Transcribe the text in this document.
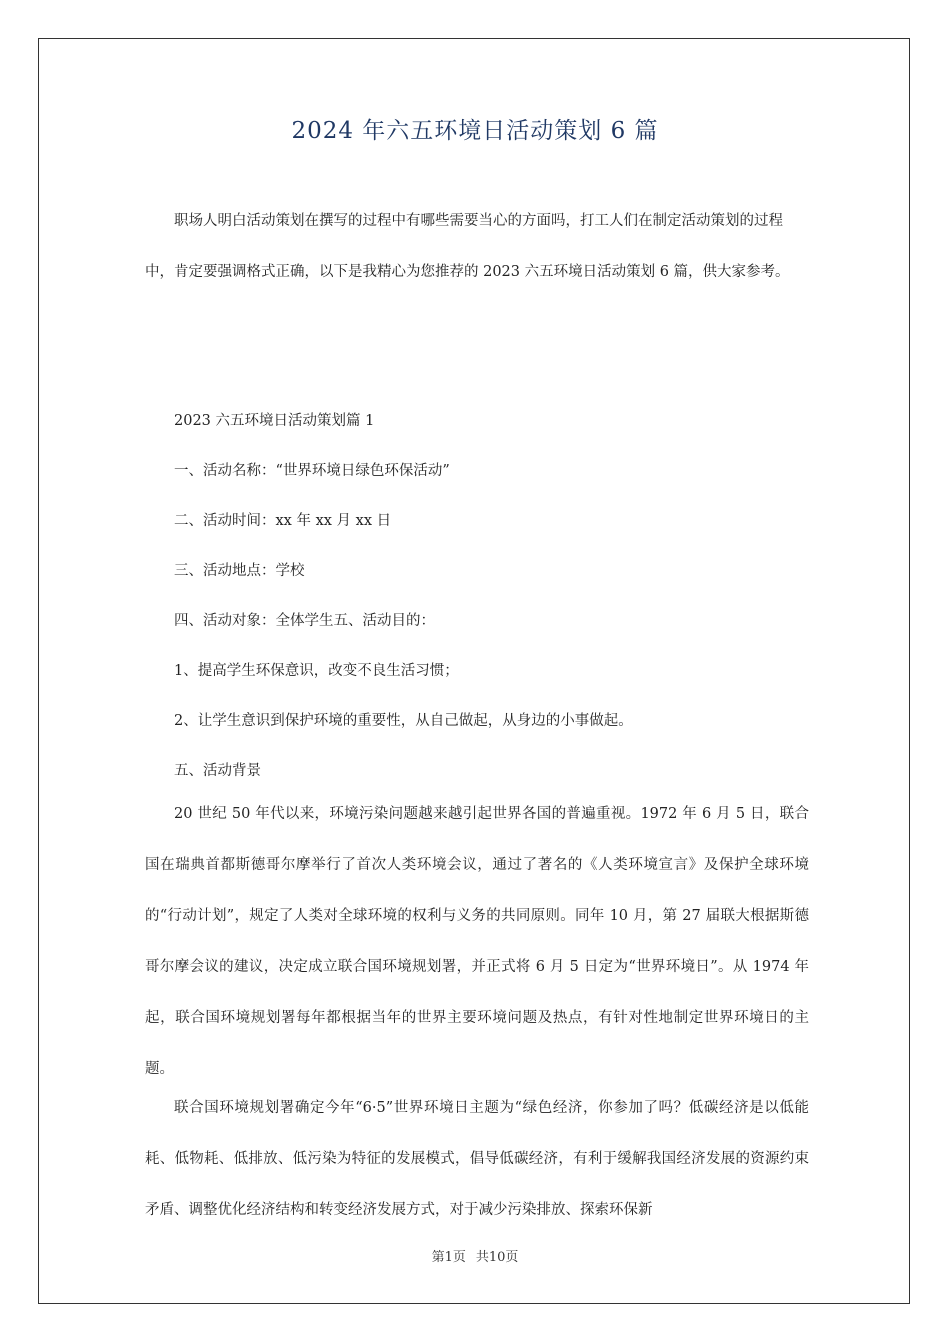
2024 年六五环境日活动策划 6 篇
职场人明白活动策划在撰写的过程中有哪些需要当心的方面吗，打工人们在制定活动策划的过程中，肯定要强调格式正确，以下是我精心为您推荐的 2023 六五环境日活动策划 6 篇，供大家参考。
2023 六五环境日活动策划篇 1
一、活动名称：“世界环境日绿色环保活动”
二、活动时间：xx 年 xx 月 xx 日
三、活动地点：学校
四、活动对象：全体学生五、活动目的：
1、提高学生环保意识，改变不良生活习惯；
2、让学生意识到保护环境的重要性，从自己做起，从身边的小事做起。
五、活动背景
20 世纪 50 年代以来，环境污染问题越来越引起世界各国的普遍重视。1972 年 6 月 5 日，联合国在瑞典首都斯德哥尔摩举行了首次人类环境会议，通过了著名的《人类环境宣言》及保护全球环境的“行动计划”，规定了人类对全球环境的权利与义务的共同原则。同年 10 月，第 27 届联大根据斯德哥尔摩会议的建议，决定成立联合国环境规划署，并正式将 6 月 5 日定为“世界环境日”。从 1974 年起，联合国环境规划署每年都根据当年的世界主要环境问题及热点，有针对性地制定世界环境日的主题。
联合国环境规划署确定今年“6·5”世界环境日主题为“绿色经济，你参加了吗？低碳经济是以低能耗、低物耗、低排放、低污染为特征的发展模式，倡导低碳经济，有利于缓解我国经济发展的资源约束矛盾、调整优化经济结构和转变经济发展方式，对于减少污染排放、探索环保新
第1页 共10页
